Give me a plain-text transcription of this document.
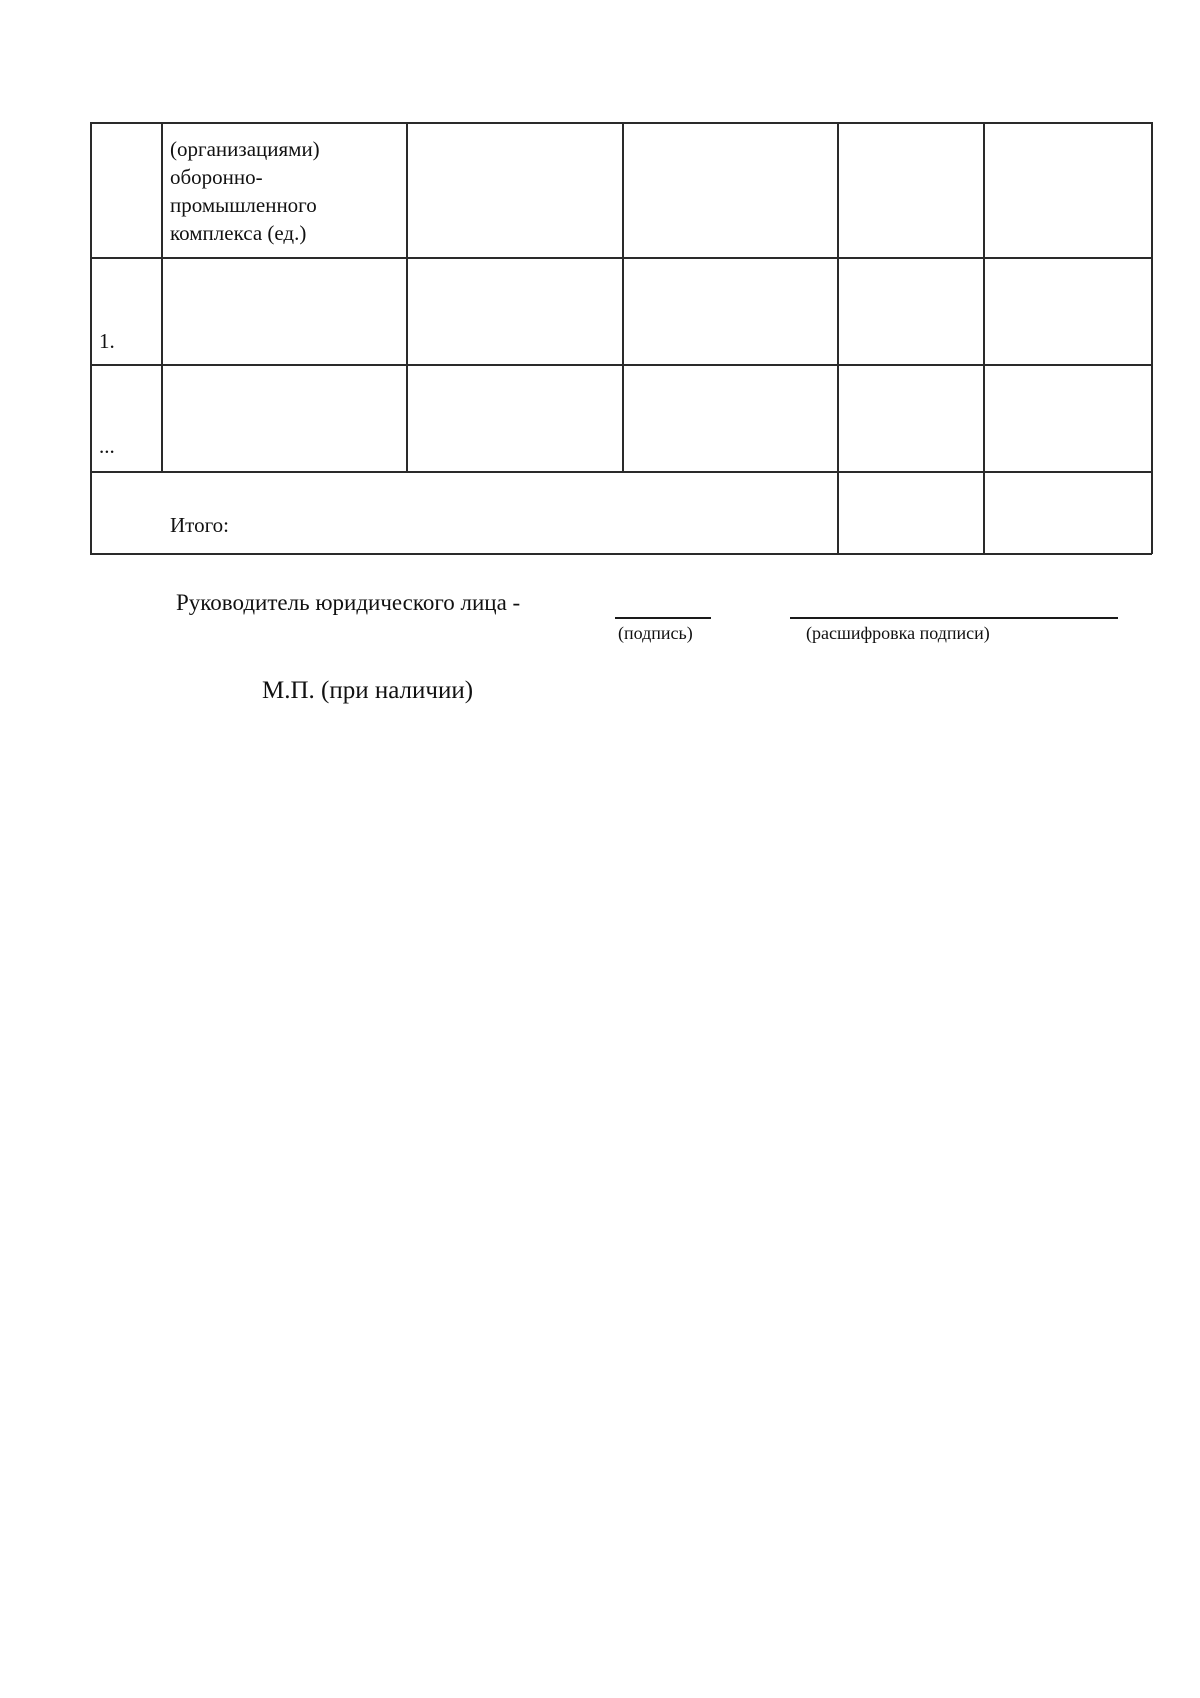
(организациями)
оборонно-
промышленного
комплекса (ед.)
1.
...
Итого:
Руководитель юридического лица -
(подпись)	(расшифровка подписи)
М.П. (при наличии)
